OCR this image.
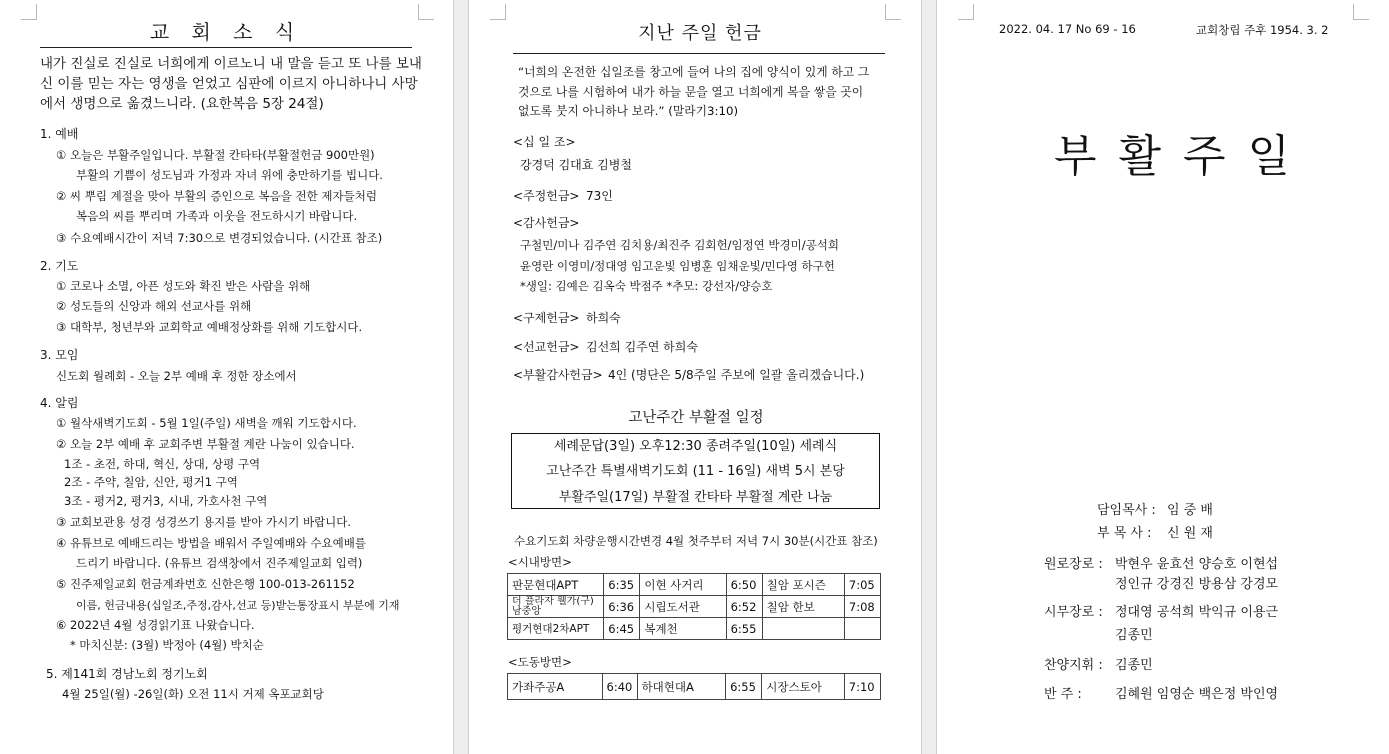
교 회 소 식
내가 진실로 진실로 너희에게 이르노니 내 말을 듣고 또 나를 보내신 이를 믿는 자는 영생을 얻었고 심판에 이르지 아니하나니 사망에서 생명으로 옮겼느니라. (요한복음 5장 24절)
1. 예배
① 오늘은 부활주일입니다. 부활절 칸타타(부활절헌금 900만원)
부활의 기쁨이 성도님과 가정과 자녀 위에 충만하기를 빕니다.
② 씨 뿌림 계절을 맞아 부활의 증인으로 복음을 전한 제자들처럼
복음의 씨를 뿌리며 가족과 이웃을 전도하시기 바랍니다.
③ 수요예배시간이 저녁 7:30으로 변경되었습니다. (시간표 참조)
2. 기도
① 코로나 소멸, 아픈 성도와 확진 받은 사람을 위해
② 성도들의 신앙과 해외 선교사를 위해
③ 대학부, 청년부와 교회학교 예배정상화를 위해 기도합시다.
3. 모임
신도회 월례회 - 오늘 2부 예배 후 정한 장소에서
4. 알림
① 월삭새벽기도회 - 5월 1일(주일) 새벽을 깨워 기도합시다.
② 오늘 2부 예배 후 교회주변 부활절 계란 나눔이 있습니다.
1조 - 초전, 하대, 혁신, 상대, 상평 구역
2조 - 주약, 칠암, 신안, 평거1 구역
3조 - 평거2, 평거3, 시내, 가호사천 구역
③ 교회보관용 성경 성경쓰기 용지를 받아 가시기 바랍니다.
④ 유튜브로 예배드리는 방법을 배워서 주일예배와 수요예배를
드리기 바랍니다. (유튜브 검색창에서 진주제일교회 입력)
⑤ 진주제일교회 헌금계좌번호 신한은행 100-013-261152
이름, 헌금내용(십일조,주정,감사,선교 등)받는통장표시 부분에 기재
⑥ 2022년 4월 성경읽기표 나왔습니다.
* 마치신분: (3월) 박정아 (4월) 박치순
5. 제141회 경남노회 정기노회
4월 25일(월) -26일(화) 오전 11시 거제 옥포교회당
지난 주일 헌금
“너희의 온전한 십일조를 창고에 들여 나의 집에 양식이 있게 하고 그것으로 나를 시험하여 내가 하늘 문을 열고 너희에게 복을 쌓을 곳이 없도록 붓지 아니하나 보라.” (말라기3:10)
<십 일 조>
강경덕 김대효 김병철
<주정헌금> 73인
<감사헌금>
구철민/미나 김주연 김치용/최진주 김회헌/임정연 박경미/공석희
윤영란 이영미/정대영 임고운빛 임병훈 임채운빛/민다영 하구헌
*생일: 김예은 김옥숙 박점주 *추모: 강선자/양승호
<구제헌금> 하희숙
<선교헌금> 김선희 김주연 하희숙
<부활감사헌금> 4인 (명단은 5/8주일 주보에 일괄 올리겠습니다.)
고난주간 부활절 일정
세례문답(3일) 오후12:30 종려주일(10일) 세례식
고난주간 특별새벽기도회 (11 - 16일) 새벽 5시 본당
부활주일(17일) 부활절 칸타타 부활절 계란 나눔
수요기도회 차량운행시간변경 4월 첫주부터 저녁 7시 30분(시간표 참조)
<시내방면>
판문현대APT	6:35	이현 사거리	6:50	칠암 포시즌	7:05
더 플라자 웰가(구) 남중앙	6:36	시립도서관	6:52	칠암 한보	7:08
평거현대2차APT	6:45	복계천	6:55		
<도동방면>
가좌주공A	6:40	하대현대A	6:55	시장스토아	7:10
2022. 04. 17 No 69 - 16	교회창립 주후 1954. 3. 2
부활주일
담임목사 : 임 중 배
부 목 사 : 신 원 재
원로장로 : 박현우 윤효선 양승호 이현섭
정인규 강경진 방용삼 강경모
시무장로 : 정대영 공석희 박익규 이용근
김종민
찬양지휘 : 김종민
반 주 :	김혜원 임영순 백은정 박인영
